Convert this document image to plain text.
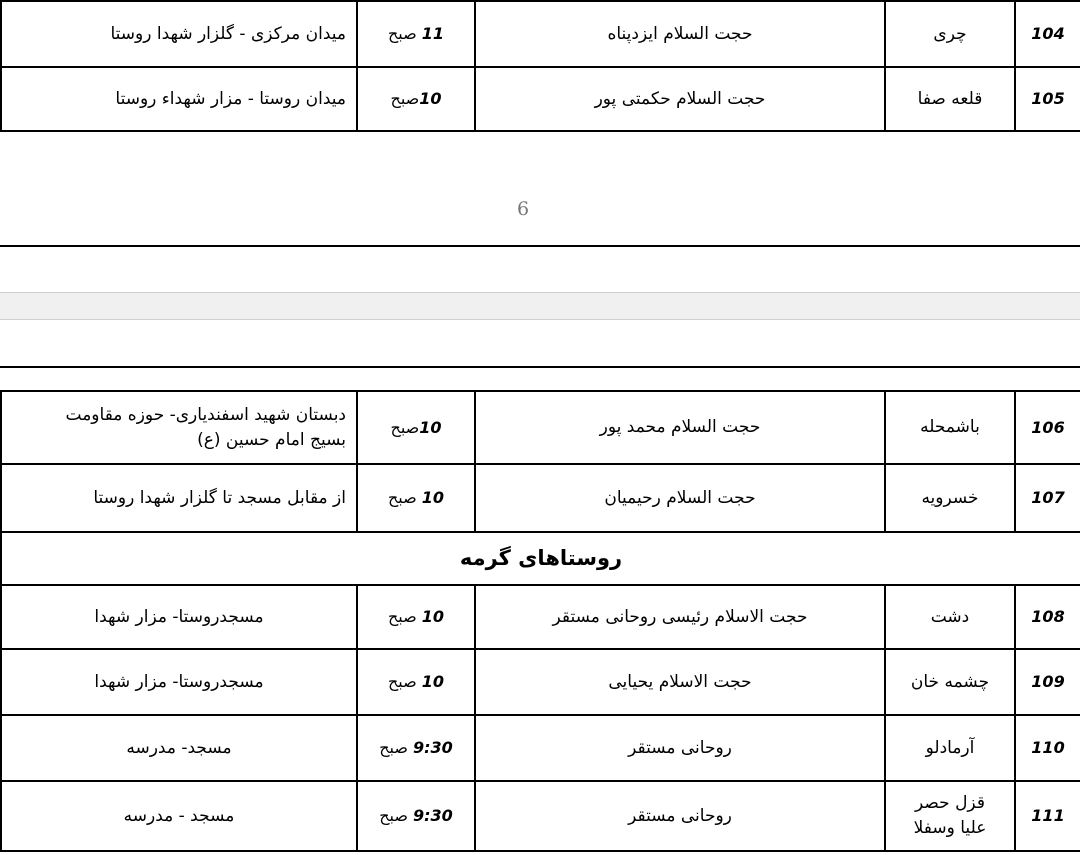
104	چری	حجت السلام ایزدپناه	11 صبح	میدان مرکزی - گلزار شهدا روستا
105	قلعه صفا	حجت السلام حکمتی پور	10صبح	میدان روستا - مزار شهداء روستا
6
106	باشمحله	حجت السلام محمد پور	10صبح	دبستان شهید اسفندیاری- حوزه مقاومت
بسیج امام حسین (ع)

107	خسرویه	حجت السلام رحیمیان	10 صبح	از مقابل مسجد تا گلزار شهدا روستا
روستاهای گرمه				
108	دشت	حجت الاسلام رئیسی روحانی مستقر	10 صبح	مسجدروستا- مزار شهدا
109	چشمه خان	حجت الاسلام یحیایی	10 صبح	مسجدروستا- مزار شهدا
110	آرمادلو	روحانی مستقر	9:30 صبح	مسجد- مدرسه
111	قزل حصر
علیا وسفلا	روحانی مستقر	9:30 صبح	مسجد - مدرسه
